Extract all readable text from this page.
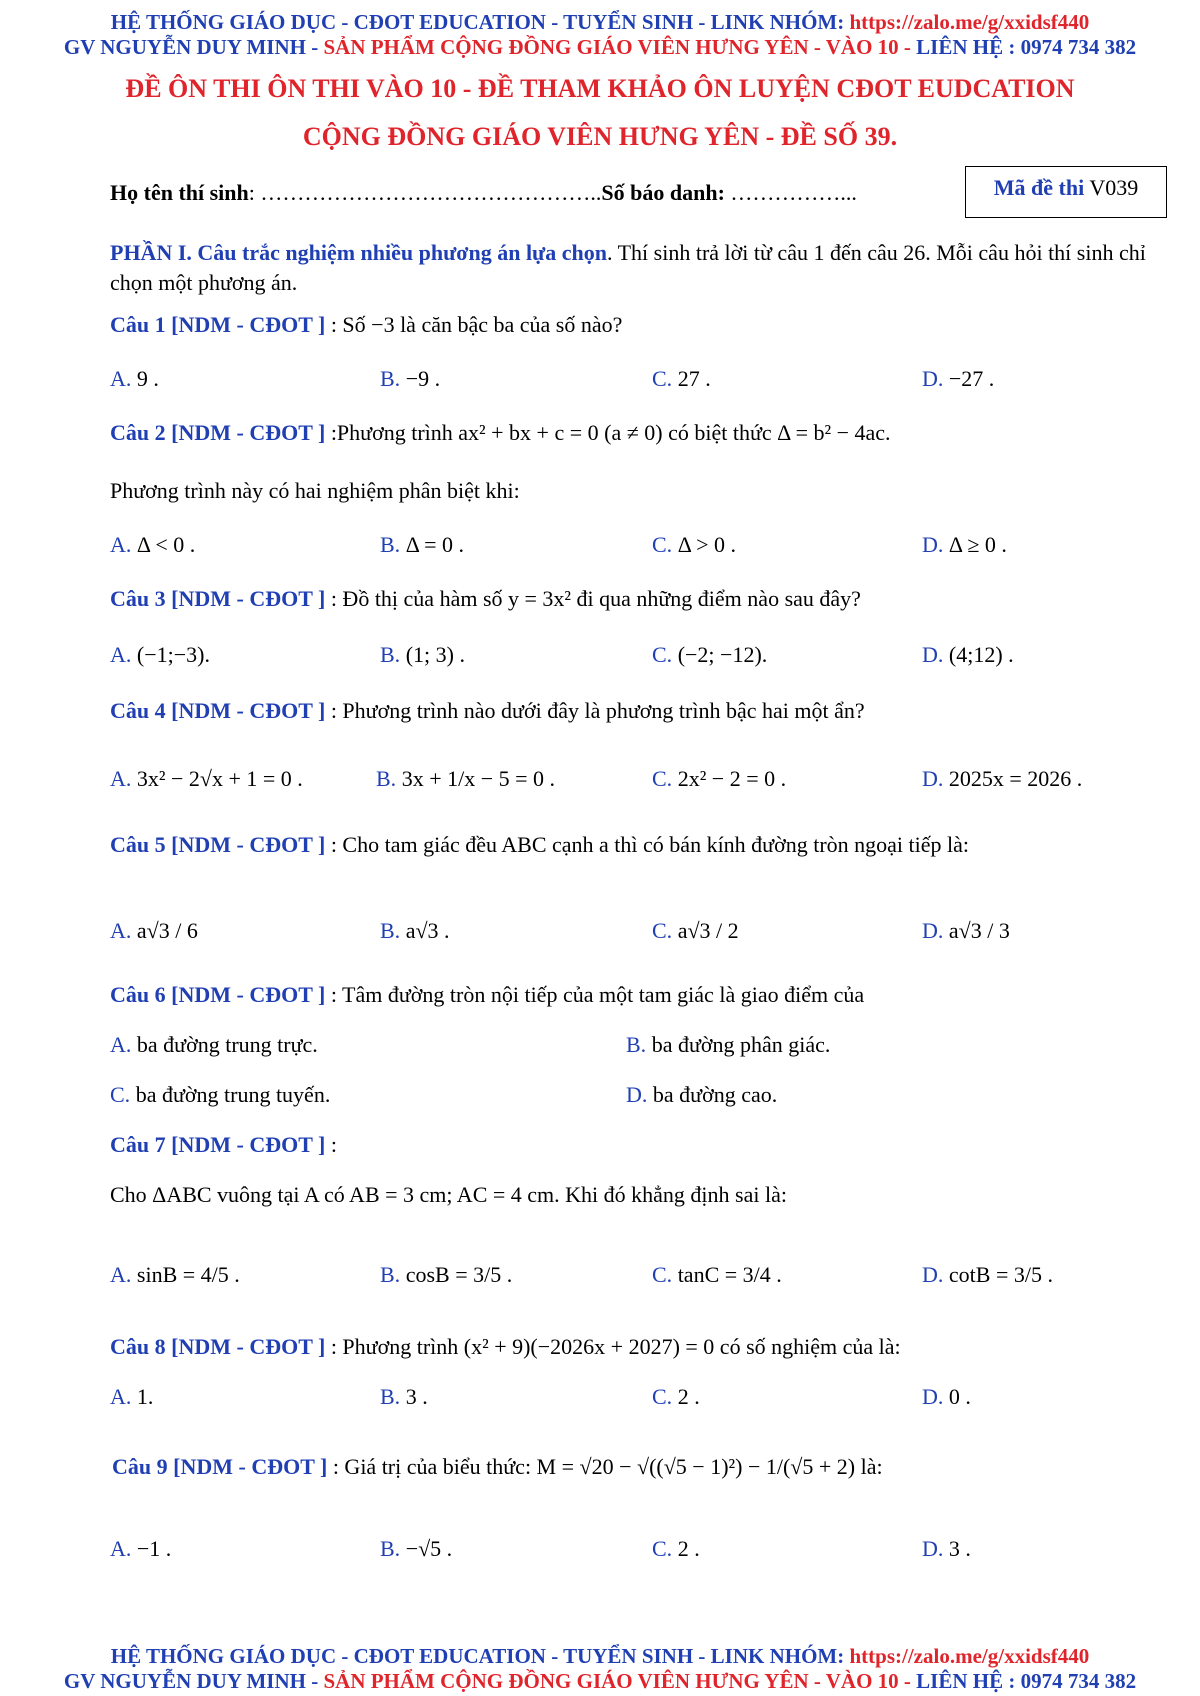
HỆ THỐNG GIÁO DỤC - CĐOT EDUCATION - TUYỂN SINH - LINK NHÓM: https://zalo.me/g/xxidsf440
GV NGUYỄN DUY MINH - SẢN PHẨM CỘNG ĐỒNG GIÁO VIÊN HƯNG YÊN - VÀO 10 - LIÊN HỆ : 0974 734 382
ĐỀ ÔN THI ÔN THI VÀO 10 - ĐỀ THAM KHẢO ÔN LUYỆN CĐOT EUDCATION
CỘNG ĐỒNG GIÁO VIÊN HƯNG YÊN - ĐỀ SỐ 39.
Họ tên thí sinh: ………………………………………..Số báo danh: ……………...	Mã đề thi V039
PHẦN I. Câu trắc nghiệm nhiều phương án lựa chọn. Thí sinh trả lời từ câu 1 đến câu 26. Mỗi câu hỏi thí sinh chỉ chọn một phương án.
Câu 1 [NDM - CĐOT ] : Số −3 là căn bậc ba của số nào?
A. 9 .	B. −9 .	C. 27 .	D. −27 .
Câu 2 [NDM - CĐOT ] :Phương trình ax² + bx + c = 0 (a ≠ 0) có biệt thức Δ = b² − 4ac.
Phương trình này có hai nghiệm phân biệt khi:
A. Δ < 0 .	B. Δ = 0 .	C. Δ > 0 .	D. Δ ≥ 0 .
Câu 3 [NDM - CĐOT ] : Đồ thị của hàm số y = 3x² đi qua những điểm nào sau đây?
A. (−1;−3).	B. (1; 3) .	C. (−2; −12).	D. (4;12) .
Câu 4 [NDM - CĐOT ] : Phương trình nào dưới đây là phương trình bậc hai một ẩn?
A. 3x² − 2√x + 1 = 0 .	B. 3x + 1/x − 5 = 0 .	C. 2x² − 2 = 0 .	D. 2025x = 2026 .
Câu 5 [NDM - CĐOT ] : Cho tam giác đều ABC cạnh a thì có bán kính đường tròn ngoại tiếp là:
A. a√3 / 6	B. a√3 .	C. a√3 / 2	D. a√3 / 3
Câu 6 [NDM - CĐOT ] : Tâm đường tròn nội tiếp của một tam giác là giao điểm của
A. ba đường trung trực.	B. ba đường phân giác.
C. ba đường trung tuyến.	D. ba đường cao.
Câu 7 [NDM - CĐOT ] :
Cho ΔABC vuông tại A có AB = 3 cm; AC = 4 cm. Khi đó khẳng định sai là:
A. sinB = 4/5 .	B. cosB = 3/5 .	C. tanC = 3/4 .	D. cotB = 3/5 .
Câu 8 [NDM - CĐOT ] : Phương trình (x² + 9)(−2026x + 2027) = 0 có số nghiệm của là:
A. 1.	B. 3 .	C. 2 .	D. 0 .
Câu 9 [NDM - CĐOT ] : Giá trị của biểu thức: M = √20 − √((√5 − 1)²) − 1/(√5 + 2) là:
A. −1 .	B. −√5 .	C. 2 .	D. 3 .
HỆ THỐNG GIÁO DỤC - CĐOT EDUCATION - TUYỂN SINH - LINK NHÓM: https://zalo.me/g/xxidsf440
GV NGUYỄN DUY MINH - SẢN PHẨM CỘNG ĐỒNG GIÁO VIÊN HƯNG YÊN - VÀO 10 - LIÊN HỆ : 0974 734 382
